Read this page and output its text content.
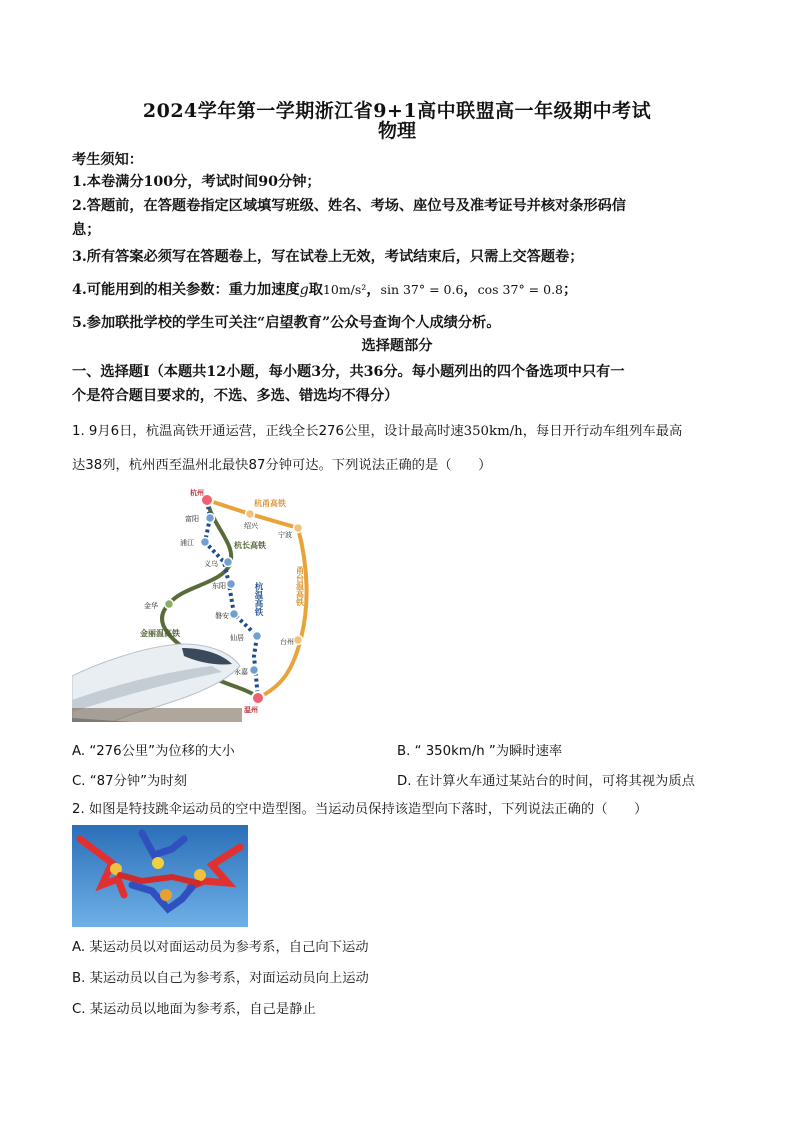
2024学年第一学期浙江省9+1高中联盟高一年级期中考试
物理
考生须知：
1.本卷满分100分，考试时间90分钟；
2.答题前，在答题卷指定区域填写班级、姓名、考场、座位号及准考证号并核对条形码信
息；
3.所有答案必须写在答题卷上，写在试卷上无效，考试结束后，只需上交答题卷；
4.可能用到的相关参数：重力加速度g取10m/s²，sin 37° = 0.6，cos 37° = 0.8；
5.参加联批学校的学生可关注“启望教育”公众号查询个人成绩分析。
选择题部分
一、选择题Ⅰ（本题共12小题，每小题3分，共36分。每小题列出的四个备选项中只有一
个是符合题目要求的，不选、多选、错选均不得分）
1. 9月6日，杭温高铁开通运营，正线全长276公里，设计最高时速350km/h，每日开行动车组列车最高
达38列，杭州西至温州北最快87分钟可达。下列说法正确的是（　　）
杭州
富阳
浦江
义乌
东阳
金华
磐安
仙居
永嘉
温州
绍兴
宁波
台州
杭甬高铁
杭长高铁
金丽温高铁
杭温高铁	甬台温高铁
A. “276公里”为位移的大小	B. “ 350km/h ”为瞬时速率
C. “87分钟”为时刻	D. 在计算火车通过某站台的时间，可将其视为质点
2. 如图是特技跳伞运动员的空中造型图。当运动员保持该造型向下落时，下列说法正确的（　　）
A. 某运动员以对面运动员为参考系，自己向下运动
B. 某运动员以自己为参考系，对面运动员向上运动
C. 某运动员以地面为参考系，自己是静止
